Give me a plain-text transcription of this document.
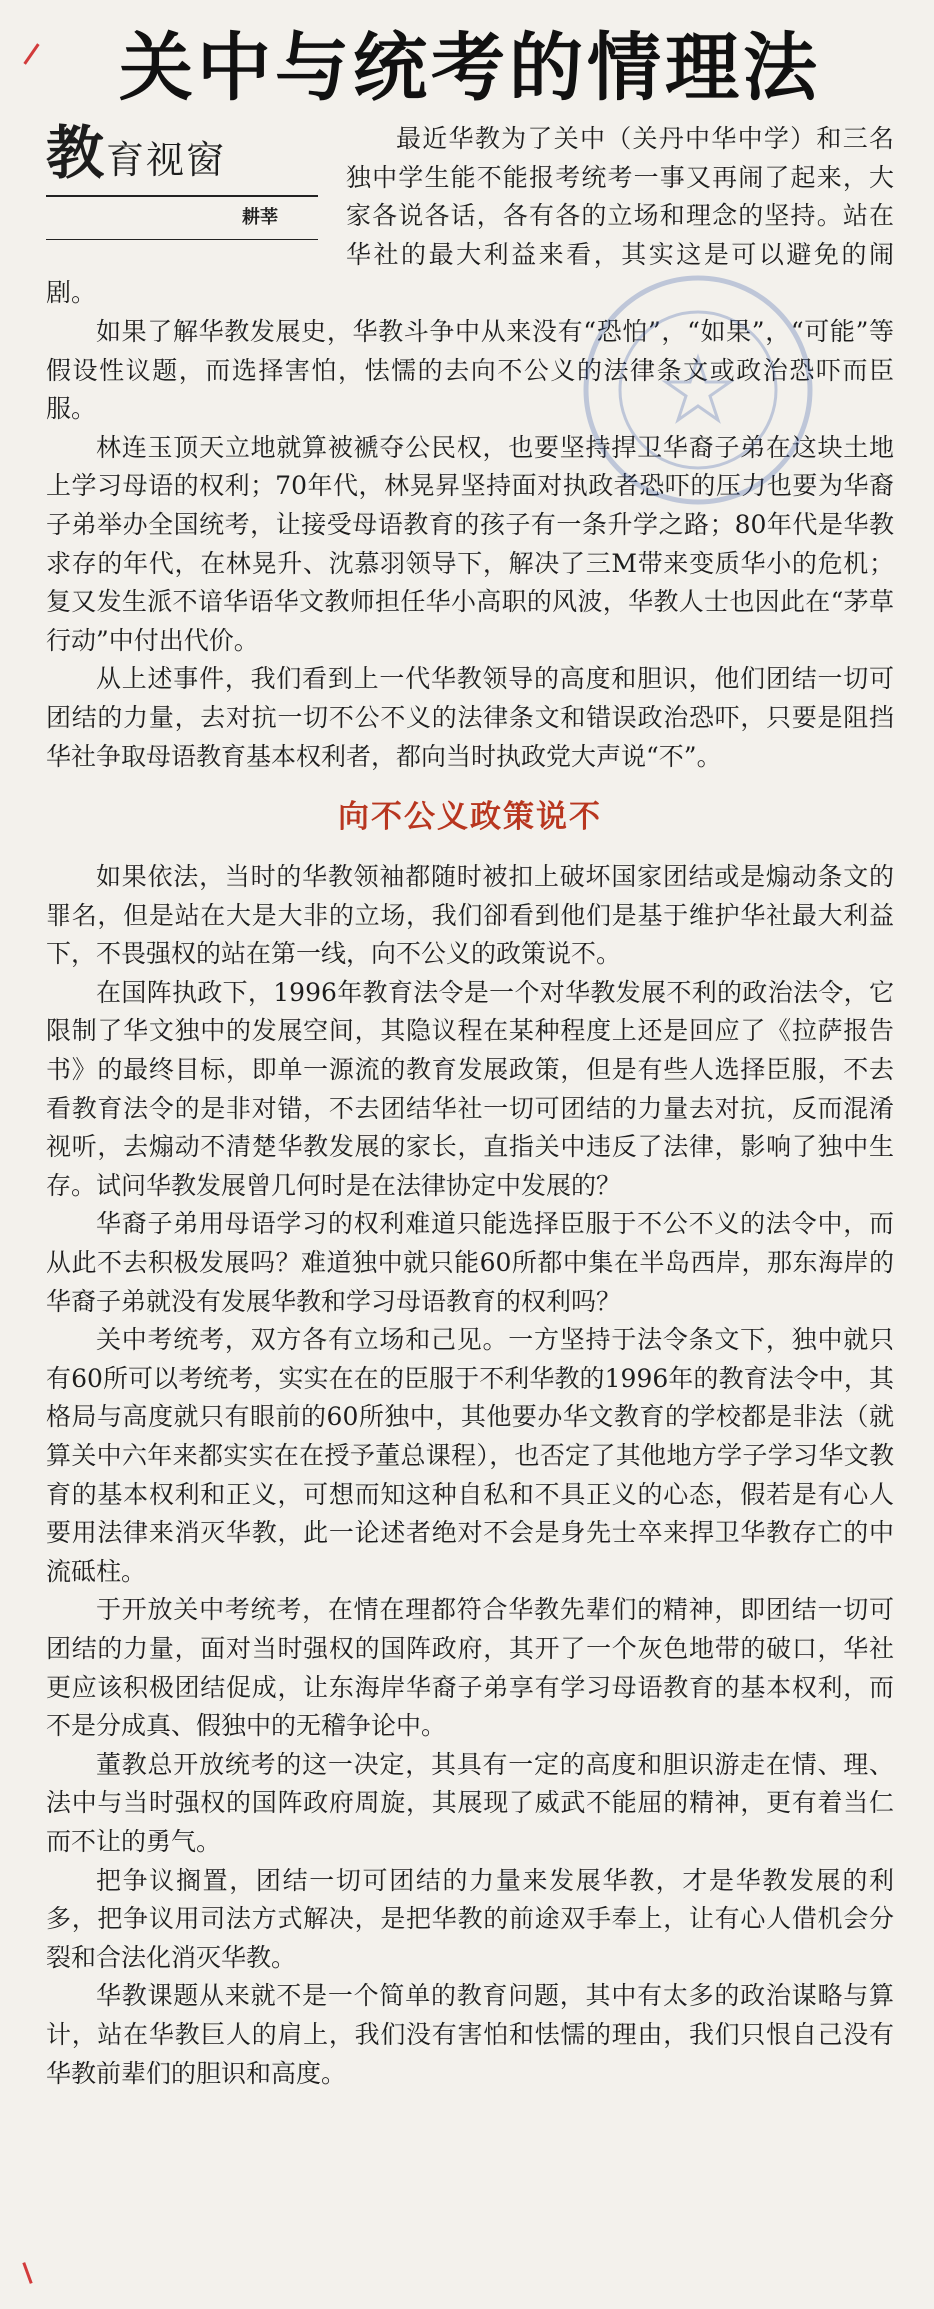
关中与统考的情理法
教育视窗
耕莘

最近华教为了关中（关丹中华中学）和三名独中学生能不能报考统考一事又再闹了起来，大家各说各话，各有各的立场和理念的坚持。站在华社的最大利益来看，其实这是可以避免的闹剧。

如果了解华教发展史，华教斗争中从来没有“恐怕”，“如果”，“可能”等假设性议题，而选择害怕，怯懦的去向不公义的法律条文或政治恐吓而臣服。

林连玉顶天立地就算被褫夺公民权，也要坚持捍卫华裔子弟在这块土地上学习母语的权利；70年代，林晃昇坚持面对执政者恐吓的压力也要为华裔子弟举办全国统考，让接受母语教育的孩子有一条升学之路；80年代是华教求存的年代，在林晃升、沈慕羽领导下，解决了三M带来变质华小的危机；复又发生派不谙华语华文教师担任华小高职的风波，华教人士也因此在“茅草行动”中付出代价。

从上述事件，我们看到上一代华教领导的高度和胆识，他们团结一切可团结的力量，去对抗一切不公不义的法律条文和错误政治恐吓，只要是阻挡华社争取母语教育基本权利者，都向当时执政党大声说“不”。

向不公义政策说不

如果依法，当时的华教领袖都随时被扣上破坏国家团结或是煽动条文的罪名，但是站在大是大非的立场，我们卻看到他们是基于维护华社最大利益下，不畏强权的站在第一线，向不公义的政策说不。

在国阵执政下，1996年教育法令是一个对华教发展不利的政治法令，它限制了华文独中的发展空间，其隐议程在某种程度上还是回应了《拉萨报告书》的最终目标，即单一源流的教育发展政策，但是有些人选择臣服，不去看教育法令的是非对错，不去团结华社一切可团结的力量去对抗，反而混淆视听，去煽动不清楚华教发展的家长，直指关中违反了法律，影响了独中生存。试问华教发展曾几何时是在法律协定中发展的？

华裔子弟用母语学习的权利难道只能选择臣服于不公不义的法令中，而从此不去积极发展吗？难道独中就只能60所都中集在半岛西岸，那东海岸的华裔子弟就没有发展华教和学习母语教育的权利吗？

关中考统考，双方各有立场和己见。一方坚持于法令条文下，独中就只有60所可以考统考，实实在在的臣服于不利华教的1996年的教育法令中，其格局与高度就只有眼前的60所独中，其他要办华文教育的学校都是非法（就算关中六年来都实实在在授予董总课程），也否定了其他地方学子学习华文教育的基本权利和正义，可想而知这种自私和不具正义的心态，假若是有心人要用法律来消灭华教，此一论述者绝对不会是身先士卒来捍卫华教存亡的中流砥柱。

于开放关中考统考，在情在理都符合华教先辈们的精神，即团结一切可团结的力量，面对当时强权的国阵政府，其开了一个灰色地带的破口，华社更应该积极团结促成，让东海岸华裔子弟享有学习母语教育的基本权利，而不是分成真、假独中的无稽争论中。

董教总开放统考的这一决定，其具有一定的高度和胆识游走在情、理、法中与当时强权的国阵政府周旋，其展现了威武不能屈的精神，更有着当仁而不让的勇气。

把争议搁置，团结一切可团结的力量来发展华教，才是华教发展的利多，把争议用司法方式解决，是把华教的前途双手奉上，让有心人借机会分裂和合法化消灭华教。

华教课题从来就不是一个简单的教育问题，其中有太多的政治谋略与算计，站在华教巨人的肩上，我们没有害怕和怯懦的理由，我们只恨自己没有华教前辈们的胆识和高度。
